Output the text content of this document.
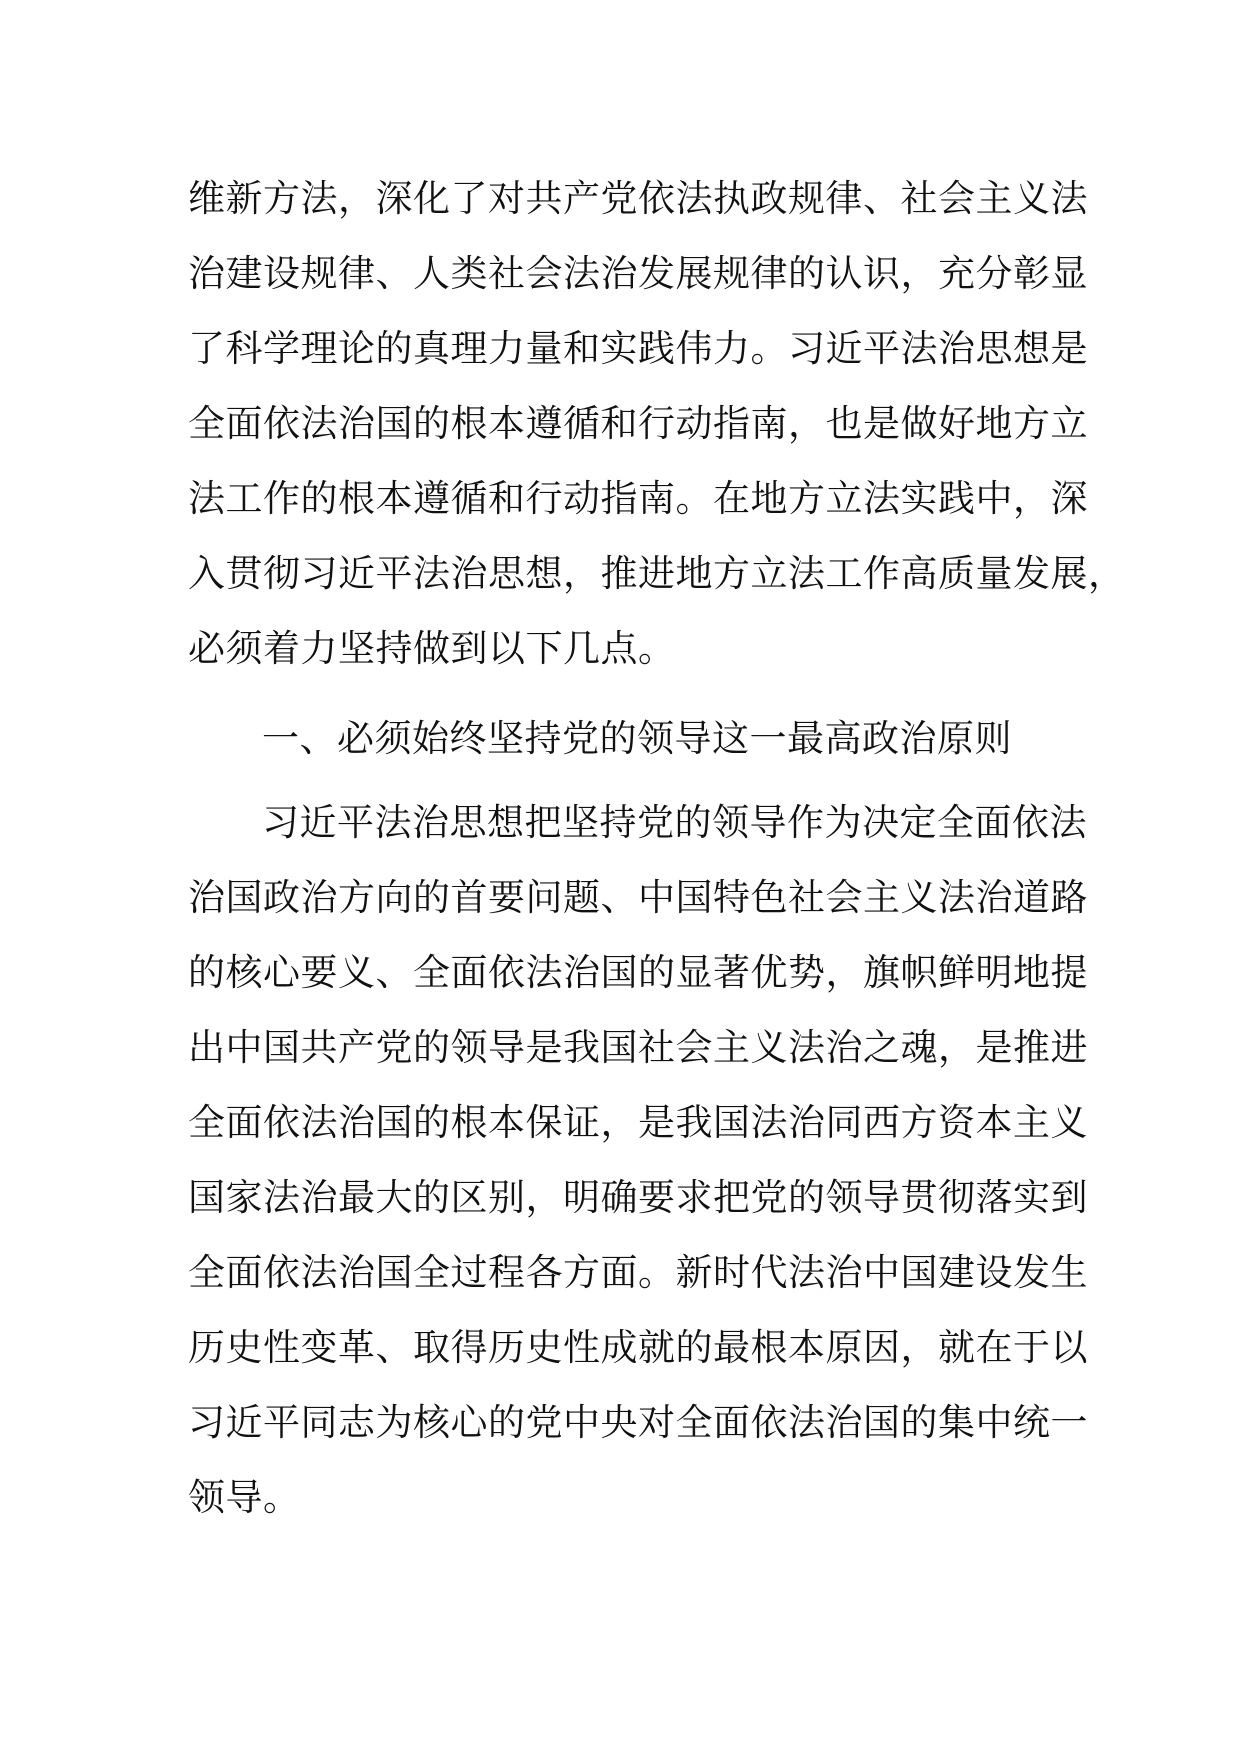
维新方法，深化了对共产党依法执政规律、社会主义法
治建设规律、人类社会法治发展规律的认识，充分彰显
了科学理论的真理力量和实践伟力。习近平法治思想是
全面依法治国的根本遵循和行动指南，也是做好地方立
法工作的根本遵循和行动指南。在地方立法实践中，深
入贯彻习近平法治思想，推进地方立法工作高质量发展，
必须着力坚持做到以下几点。
一、必须始终坚持党的领导这一最高政治原则
习近平法治思想把坚持党的领导作为决定全面依法
治国政治方向的首要问题、中国特色社会主义法治道路
的核心要义、全面依法治国的显著优势，旗帜鲜明地提
出中国共产党的领导是我国社会主义法治之魂，是推进
全面依法治国的根本保证，是我国法治同西方资本主义
国家法治最大的区别，明确要求把党的领导贯彻落实到
全面依法治国全过程各方面。新时代法治中国建设发生
历史性变革、取得历史性成就的最根本原因，就在于以
习近平同志为核心的党中央对全面依法治国的集中统一
领导。
